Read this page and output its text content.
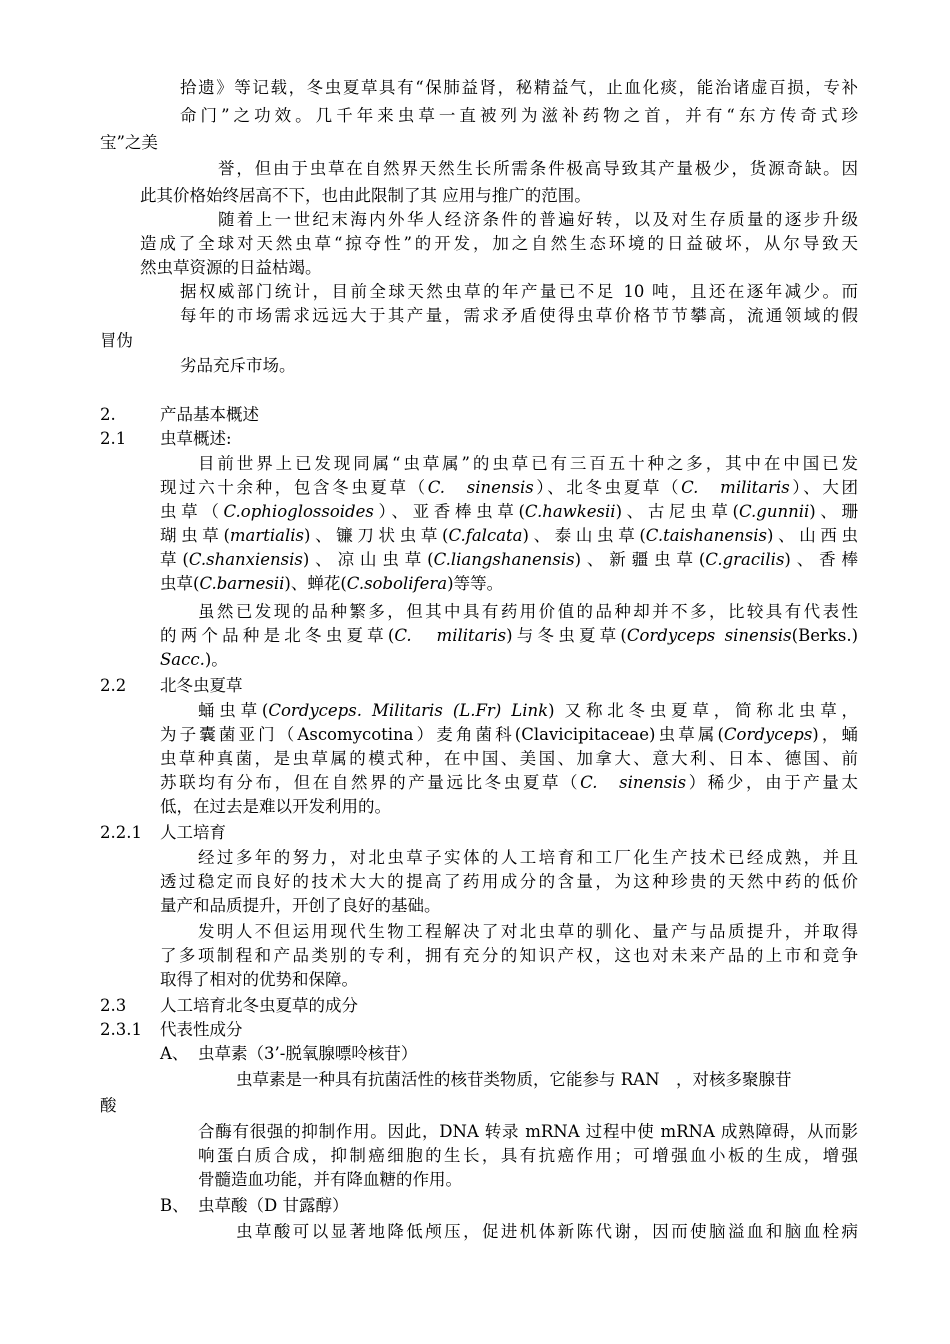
拾遗》等记载，冬虫夏草具有“保肺益肾，秘精益气，止血化痰，能治诸虚百损，专补
命门”之功效。几千年来虫草一直被列为滋补药物之首，并有“东方传奇式珍
宝”之美
誉，但由于虫草在自然界天然生长所需条件极高导致其产量极少，货源奇缺。因
此其价格始终居高不下，也由此限制了其 应用与推广的范围。
随着上一世纪末海内外华人经济条件的普遍好转，以及对生存质量的逐步升级
造成了全球对天然虫草“掠夺性”的开发，加之自然生态环境的日益破坏，从尔导致天
然虫草资源的日益枯竭。
据权威部门统计，目前全球天然虫草的年产量已不足 10 吨，且还在逐年减少。而
每年的市场需求远远大于其产量，需求矛盾使得虫草价格节节攀高，流通领域的假
冒伪
劣品充斥市场。
2.	产品基本概述
2.1 虫草概述:
目前世界上已发现同属“虫草属”的虫草已有三百五十种之多，其中在中国已发
现过六十余种，包含冬虫夏草（C.　sinensis）、北冬虫夏草（C.　militaris）、大团
虫草（C.ophioglossoides）、亚香棒虫草(C.hawkesii)、古尼虫草(C.gunnii)、珊
瑚虫草(martialis)、镰刀状虫草(C.falcata)、泰山虫草(C.taishanensis)、山西虫
草(C.shanxiensis)、凉山虫草(C.liangshanensis)、新疆虫草(C.gracilis)、香棒
虫草(C.barnesii)、蝉花(C.sobolifera)等等。
虽然已发现的品种繁多，但其中具有药用价值的品种却并不多，比较具有代表性
的两个品种是北冬虫夏草(C.　militaris)与冬虫夏草(Cordyceps sinensis(Berks.)
Sacc.)。
2.2 北冬虫夏草
蛹虫草(Cordyceps. Militaris (L.Fr) Link) 又称北冬虫夏草，简称北虫草，
为子囊菌亚门（Ascomycotina）麦角菌科(Clavicipitaceae)虫草属(Cordyceps)，蛹
虫草种真菌，是虫草属的模式种，在中国、美国、加拿大、意大利、日本、德国、前
苏联均有分布，但在自然界的产量远比冬虫夏草（C.　sinensis）稀少，由于产量太
低，在过去是难以开发利用的。
2.2.1 人工培育
经过多年的努力，对北虫草子实体的人工培育和工厂化生产技术已经成熟，并且
透过稳定而良好的技术大大的提高了药用成分的含量，为这种珍贵的天然中药的低价
量产和品质提升，开创了良好的基础。
发明人不但运用现代生物工程解决了对北虫草的驯化、量产与品质提升，并取得
了多项制程和产品类别的专利，拥有充分的知识产权，这也对未来产品的上市和竞争
取得了相对的优势和保障。
2.3 人工培育北冬虫夏草的成分
2.3.1 代表性成分
A、 虫草素（3’-脱氧腺嘌呤核苷）
虫草素是一种具有抗菌活性的核苷类物质，它能参与 RAN　，对核多聚腺苷
酸
合酶有很强的抑制作用。因此，DNA 转录 mRNA 过程中使 mRNA 成熟障碍，从而影
响蛋白质合成，抑制癌细胞的生长，具有抗癌作用；可增强血小板的生成，增强
骨髓造血功能，并有降血糖的作用。
B、 虫草酸（D 甘露醇）
虫草酸可以显著地降低颅压，促进机体新陈代谢，因而使脑溢血和脑血栓病
